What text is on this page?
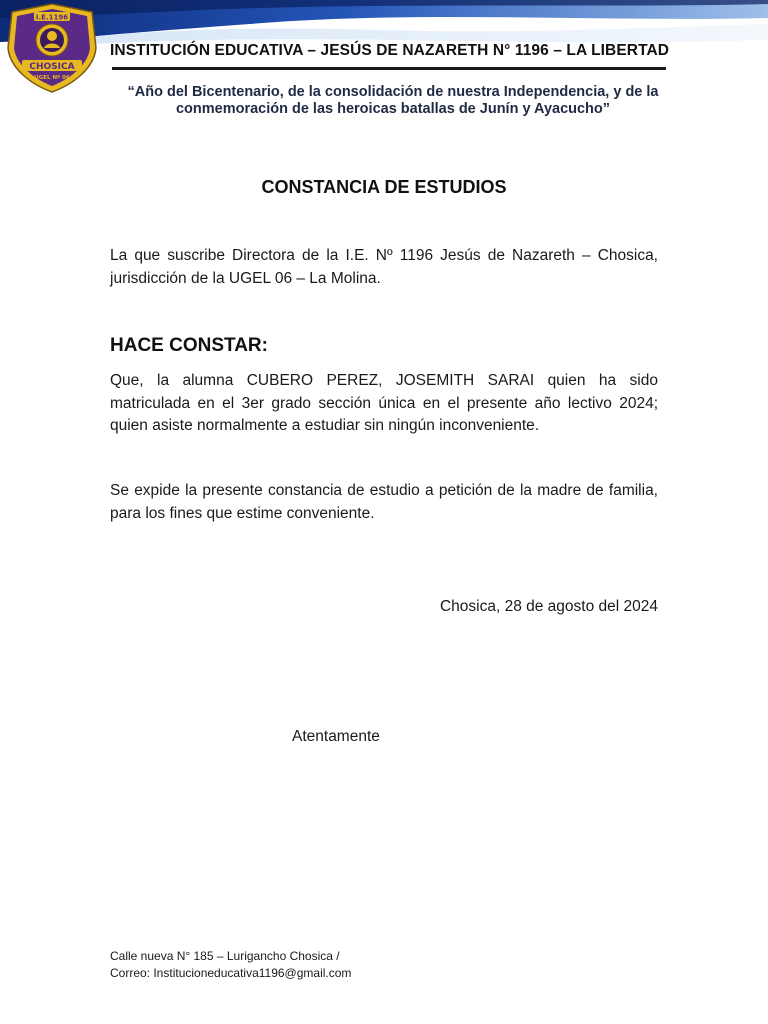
I.E.1196
CHOSICA
UGEL Nº 06
INSTITUCIÓN EDUCATIVA – JESÚS DE NAZARETH N° 1196 – LA LIBERTAD
“Año del Bicentenario, de la consolidación de nuestra Independencia, y de la conmemoración de las heroicas batallas de Junín y Ayacucho”
CONSTANCIA DE ESTUDIOS
La que suscribe Directora de la I.E. Nº 1196 Jesús de Nazareth – Chosica, jurisdicción de la UGEL 06 – La Molina.
HACE CONSTAR:
Que, la alumna CUBERO PEREZ, JOSEMITH SARAI quien ha sido matriculada en el 3er grado sección única en el presente año lectivo 2024; quien asiste normalmente a estudiar sin ningún inconveniente.
Se expide la presente constancia de estudio a petición de la madre de familia, para los fines que estime conveniente.
Chosica, 28 de agosto del 2024
Atentamente
Calle nueva N° 185 – Lurigancho Chosica /
Correo: Institucioneducativa1196@gmail.com
